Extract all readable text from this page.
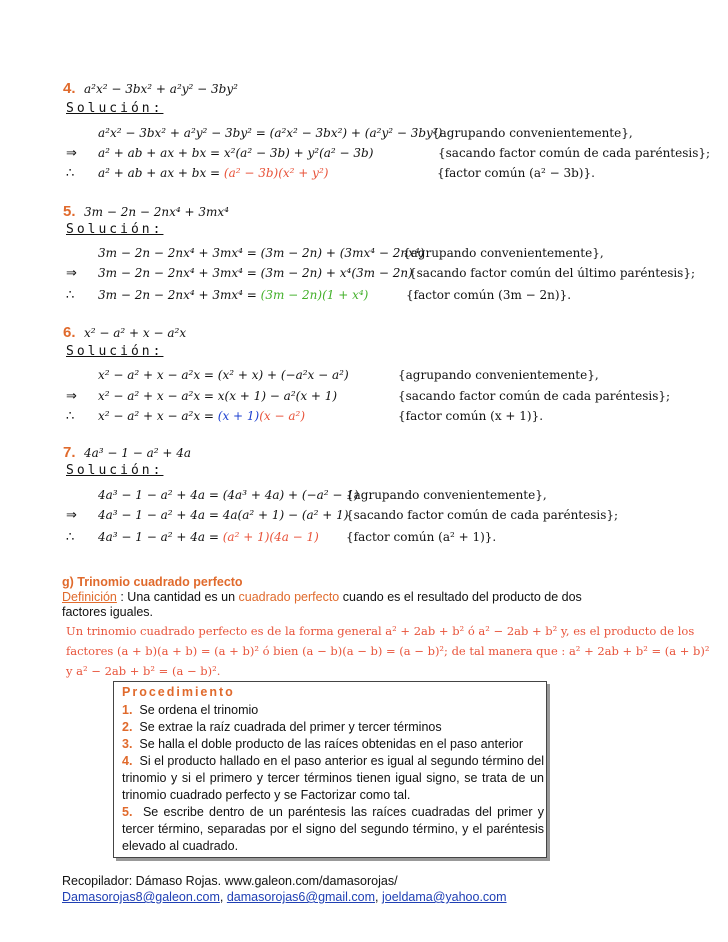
4. a²x² − 3bx² + a²y² − 3by²
Solución:
a²x² − 3bx² + a²y² − 3by² = (a²x² − 3bx²) + (a²y² − 3by²)
{agrupando convenientemente},
⇒ a² + ab + ax + bx = x²(a² − 3b) + y²(a² − 3b)	{sacando factor común de cada paréntesis};
∴ a² + ab + ax + bx = (a² − 3b)(x² + y²)	{factor común (a² − 3b)}.
5. 3m − 2n − 2nx⁴ + 3mx⁴
Solución:
3m − 2n − 2nx⁴ + 3mx⁴ = (3m − 2n) + (3mx⁴ − 2nx⁴)
{agrupando convenientemente},
⇒ 3m − 2n − 2nx⁴ + 3mx⁴ = (3m − 2n) + x⁴(3m − 2n)
{sacando factor común del último paréntesis};
∴ 3m − 2n − 2nx⁴ + 3mx⁴ = (3m − 2n)(1 + x⁴)	{factor común (3m − 2n)}.
6. x² − a² + x − a²x
Solución:
x² − a² + x − a²x = (x² + x) + (−a²x − a²)	{agrupando convenientemente},
⇒ x² − a² + x − a²x = x(x + 1) − a²(x + 1)	{sacando factor común de cada paréntesis};
∴ x² − a² + x − a²x = (x + 1)(x − a²)	{factor común (x + 1)}.
7. 4a³ − 1 − a² + 4a
Solución:
4a³ − 1 − a² + 4a = (4a³ + 4a) + (−a² − 1)
{agrupando convenientemente},
⇒ 4a³ − 1 − a² + 4a = 4a(a² + 1) − (a² + 1)
{sacando factor común de cada paréntesis};
∴ 4a³ − 1 − a² + 4a = (a² + 1)(4a − 1) {factor común (a² + 1)}.
g) Trinomio cuadrado perfecto
Definición : Una cantidad es un cuadrado perfecto cuando es el resultado del producto de dos
factores iguales.
Un trinomio cuadrado perfecto es de la forma general a² + 2ab + b² ó a² − 2ab + b² y, es el producto de los
factores (a + b)(a + b) = (a + b)² ó bien (a − b)(a − b) = (a − b)²; de tal manera que : a² + 2ab + b² = (a + b)²
y a² − 2ab + b² = (a − b)².
Procedimiento
1. Se ordena el trinomio
2. Se extrae la raíz cuadrada del primer y tercer términos
3. Se halla el doble producto de las raíces obtenidas en el paso anterior
4. Si el producto hallado en el paso anterior es igual al segundo término del trinomio y si el primero y tercer términos tienen igual signo, se trata de un trinomio cuadrado perfecto y se Factorizar como tal.
5. Se escribe dentro de un paréntesis las raíces cuadradas del primer y tercer término, separadas por el signo del segundo término, y el paréntesis elevado al cuadrado.
Recopilador: Dámaso Rojas. www.galeon.com/damasorojas/
Damasorojas8@galeon.com, damasorojas6@gmail.com, joeldama@yahoo.com
